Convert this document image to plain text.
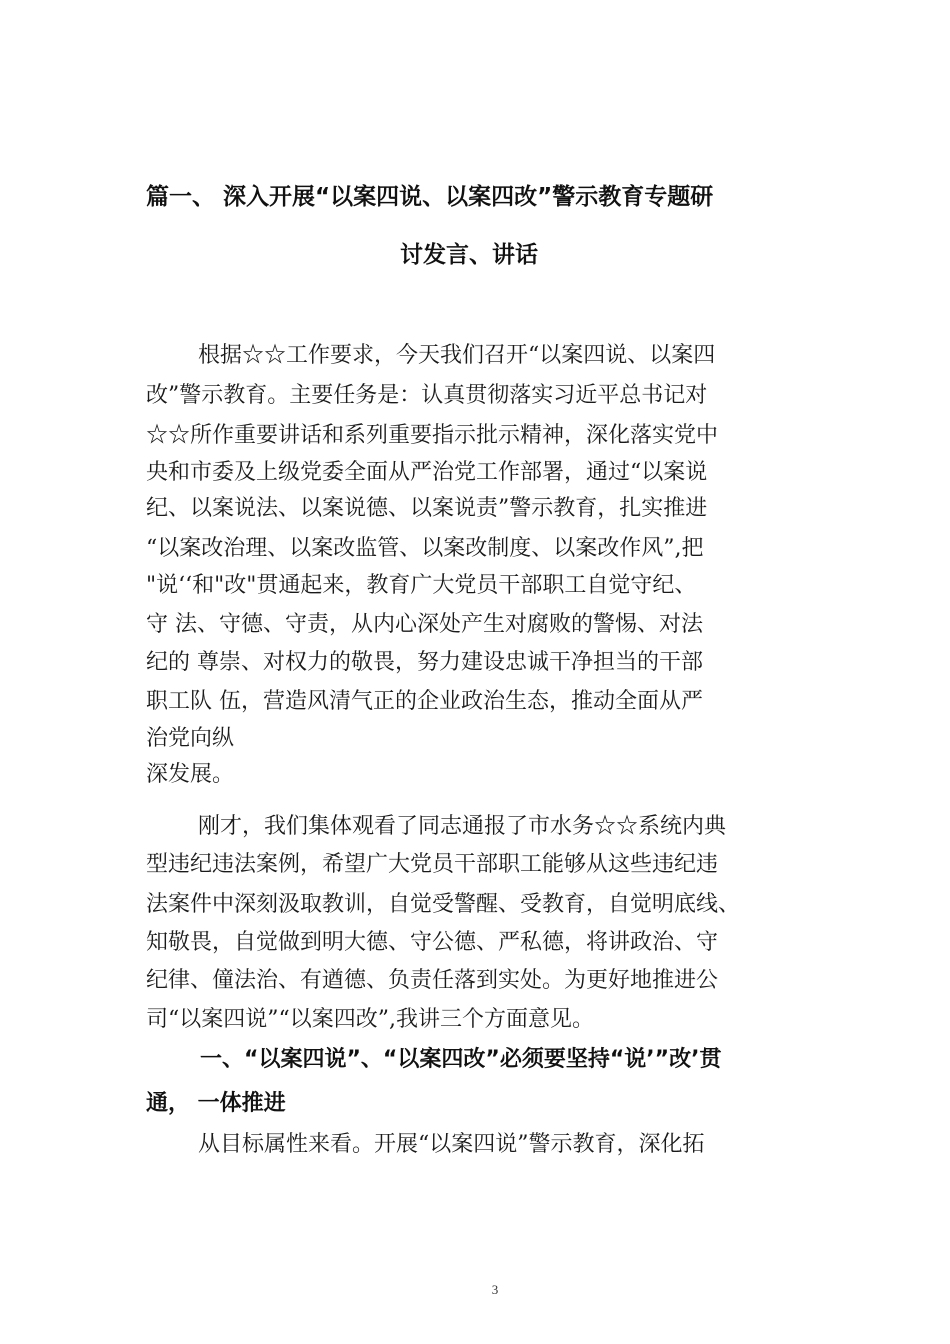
篇一、 深入开展“以案四说、以案四改”警示教育专题研
讨发言、讲话
根据☆☆工作要求，今天我们召开“以案四说、以案四
改”警示教育。主要任务是：认真贯彻落实习近平总书记对
☆☆所作重要讲话和系列重要指示批示精神，深化落实党中
央和市委及上级党委全面从严治党工作部署，通过“以案说
纪、以案说法、以案说德、以案说责”警示教育，扎实推进
“以案改治理、以案改监管、以案改制度、以案改作风”,把
"说‘‘和"改"贯通起来，教育广大党员干部职工自觉守纪、
守 法、守德、守责，从内心深处产生对腐败的警惕、对法
纪的 尊崇、对权力的敬畏，努力建设忠诚干净担当的干部
职工队 伍，营造风清气正的企业政治生态，推动全面从严
治党向纵
深发展。
刚才，我们集体观看了同志通报了市水务☆☆系统内典
型违纪违法案例，希望广大党员干部职工能够从这些违纪违
法案件中深刻汲取教训，自觉受警醒、受教育，自觉明底线、
知敬畏，自觉做到明大德、守公德、严私德，将讲政治、守
纪律、僮法治、有遒德、负责任落到实处。为更好地推进公
司“以案四说”“以案四改”,我讲三个方面意见。
一、“以案四说”、“以案四改”必须要坚持“说’”改’贯
通， 一体推进
从目标属性来看。开展“以案四说”警示教育，深化拓
3
